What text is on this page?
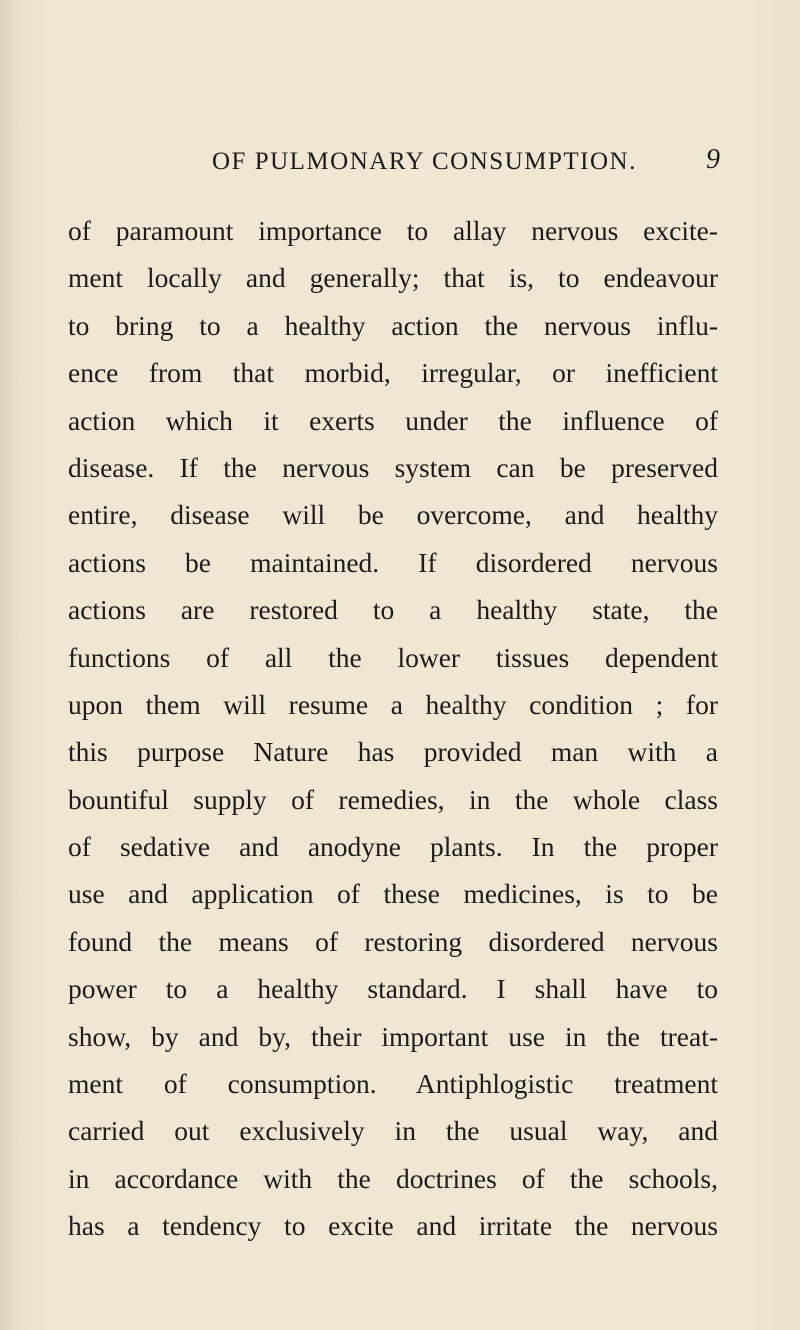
OF PULMONARY CONSUMPTION. 9
of paramount importance to allay nervous excite-
ment locally and generally; that is, to endeavour
to bring to a healthy action the nervous influ-
ence from that morbid, irregular, or inefficient
action which it exerts under the influence of
disease. If the nervous system can be preserved
entire, disease will be overcome, and healthy
actions be maintained. If disordered nervous
actions are restored to a healthy state, the
functions of all the lower tissues dependent
upon them will resume a healthy condition ; for
this purpose Nature has provided man with a
bountiful supply of remedies, in the whole class
of sedative and anodyne plants. In the proper
use and application of these medicines, is to be
found the means of restoring disordered nervous
power to a healthy standard. I shall have to
show, by and by, their important use in the treat-
ment of consumption. Antiphlogistic treatment
carried out exclusively in the usual way, and
in accordance with the doctrines of the schools,
has a tendency to excite and irritate the nervous
